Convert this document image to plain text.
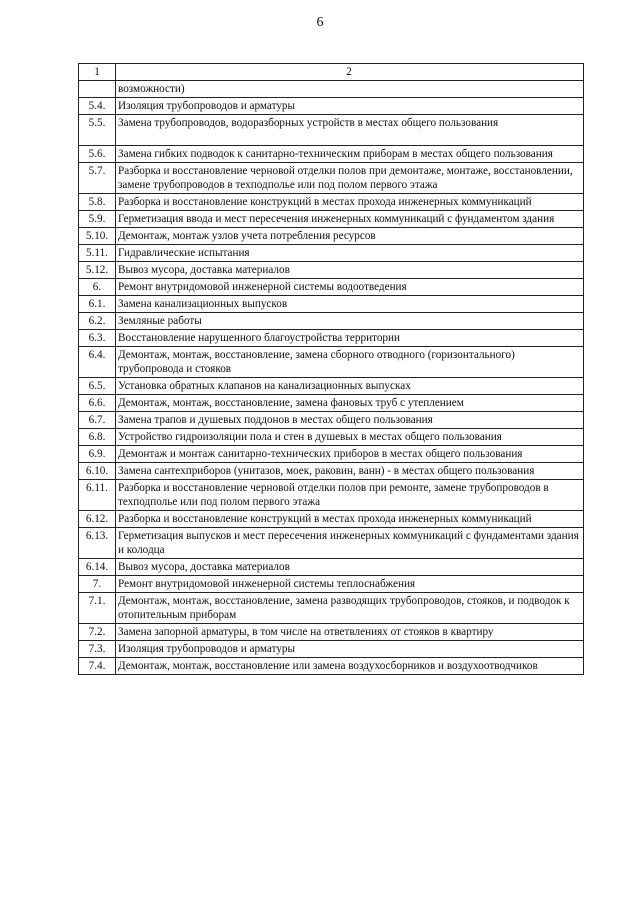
6
1	2
	возможности)
5.4.	Изоляция трубопроводов и арматуры
5.5.	Замена трубопроводов, водоразборных устройств в местах общего пользования
5.6.	Замена гибких подводок к санитарно-техническим приборам в местах общего пользования
5.7.	Разборка и восстановление черновой отделки полов при демонтаже, монтаже, восстановлении, замене трубопроводов в техподполье или под полом первого этажа
5.8.	Разборка и восстановление конструкций в местах прохода инженерных коммуникаций
5.9.	Герметизация ввода и мест пересечения инженерных коммуникаций с фундаментом здания
5.10.	Демонтаж, монтаж узлов учета потребления ресурсов
5.11.	Гидравлические испытания
5.12.	Вывоз мусора, доставка материалов
6.	Ремонт внутридомовой инженерной системы водоотведения
6.1.	Замена канализационных выпусков
6.2.	Земляные работы
6.3.	Восстановление нарушенного благоустройства территории
6.4.	Демонтаж, монтаж, восстановление, замена сборного отводного (горизонтального) трубопровода и стояков
6.5.	Установка обратных клапанов на канализационных выпусках
6.6.	Демонтаж, монтаж, восстановление, замена фановых труб с утеплением
6.7.	Замена трапов и душевых поддонов в местах общего пользования
6.8.	Устройство гидроизоляции пола и стен в душевых в местах общего пользования
6.9.	Демонтаж и монтаж санитарно-технических приборов в местах общего пользования
6.10.	Замена сантехприборов (унитазов, моек, раковин, ванн) - в местах общего пользования
6.11.	Разборка и восстановление черновой отделки полов при ремонте, замене трубопроводов в техподполье или под полом первого этажа
6.12.	Разборка и восстановление конструкций в местах прохода инженерных коммуникаций
6.13.	Герметизация выпусков и мест пересечения инженерных коммуникаций с фундаментами здания и колодца
6.14.	Вывоз мусора, доставка материалов
7.	Ремонт внутридомовой инженерной системы теплоснабжения
7.1.	Демонтаж, монтаж, восстановление, замена разводящих трубопроводов, стояков, и подводок к отопительным приборам
7.2.	Замена запорной арматуры, в том числе на ответвлениях от стояков в квартиру
7.3.	Изоляция трубопроводов и арматуры
7.4.	Демонтаж, монтаж, восстановление или замена воздухосборников и воздухоотводчиков
